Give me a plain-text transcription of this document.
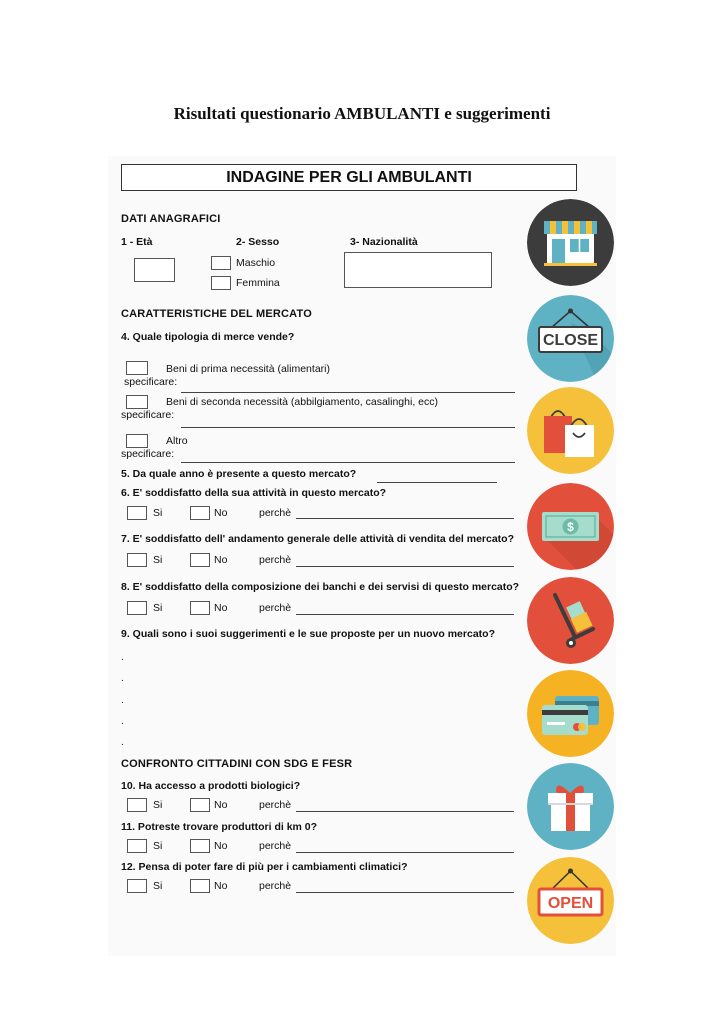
Risultati questionario AMBULANTI e suggerimenti
INDAGINE PER GLI AMBULANTI
DATI ANAGRAFICI
1 - Età	2- Sesso	3- Nazionalità
Maschio
Femmina
CARATTERISTICHE DEL MERCATO
4. Quale tipologia di merce vende?
Beni di prima necessità (alimentari)
specificare:
Beni di seconda necessità (abbilgiamento, casalinghi, ecc)
specificare:
Altro
specificare:
5. Da quale anno è presente a questo mercato?
6. E' soddisfatto della sua attività in questo mercato?
Si	No	perchè
7. E' soddisfatto dell' andamento generale delle attività di vendita del mercato?
Si	No	perchè
8. E' soddisfatto della composizione dei banchi e dei servisi di questo mercato?
Si	No	perchè
9. Quali sono i suoi suggerimenti e le sue proposte per un nuovo mercato?
.
.
.
.
.
CONFRONTO CITTADINI CON SDG E FESR
10. Ha accesso a prodotti biologici?
Si	No	perchè
11. Potreste trovare produttori di km 0?
Si	No	perchè
12. Pensa di poter fare di più per i cambiamenti climatici?
Si	No	perchè
CLOSE
$
OPEN
